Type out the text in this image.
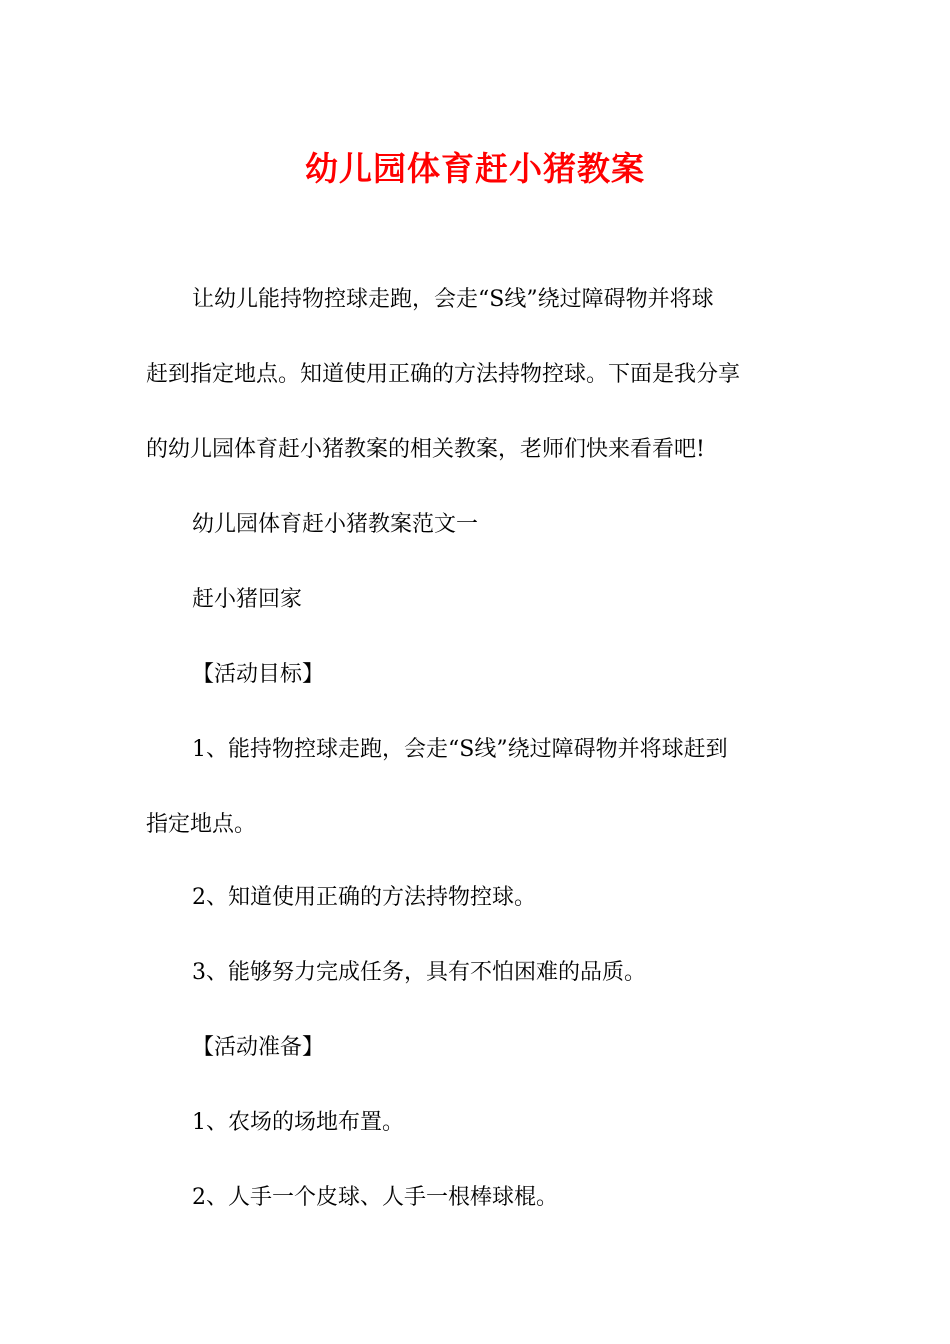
幼儿园体育赶小猪教案

让幼儿能持物控球走跑，会走“S线”绕过障碍物并将球

赶到指定地点。知道使用正确的方法持物控球。下面是我分享

的幼儿园体育赶小猪教案的相关教案，老师们快来看看吧!

幼儿园体育赶小猪教案范文一

赶小猪回家

【活动目标】

1、能持物控球走跑，会走“S线”绕过障碍物并将球赶到

指定地点。

2、知道使用正确的方法持物控球。

3、能够努力完成任务，具有不怕困难的品质。

【活动准备】

1、农场的场地布置。

2、人手一个皮球、人手一根棒球棍。
